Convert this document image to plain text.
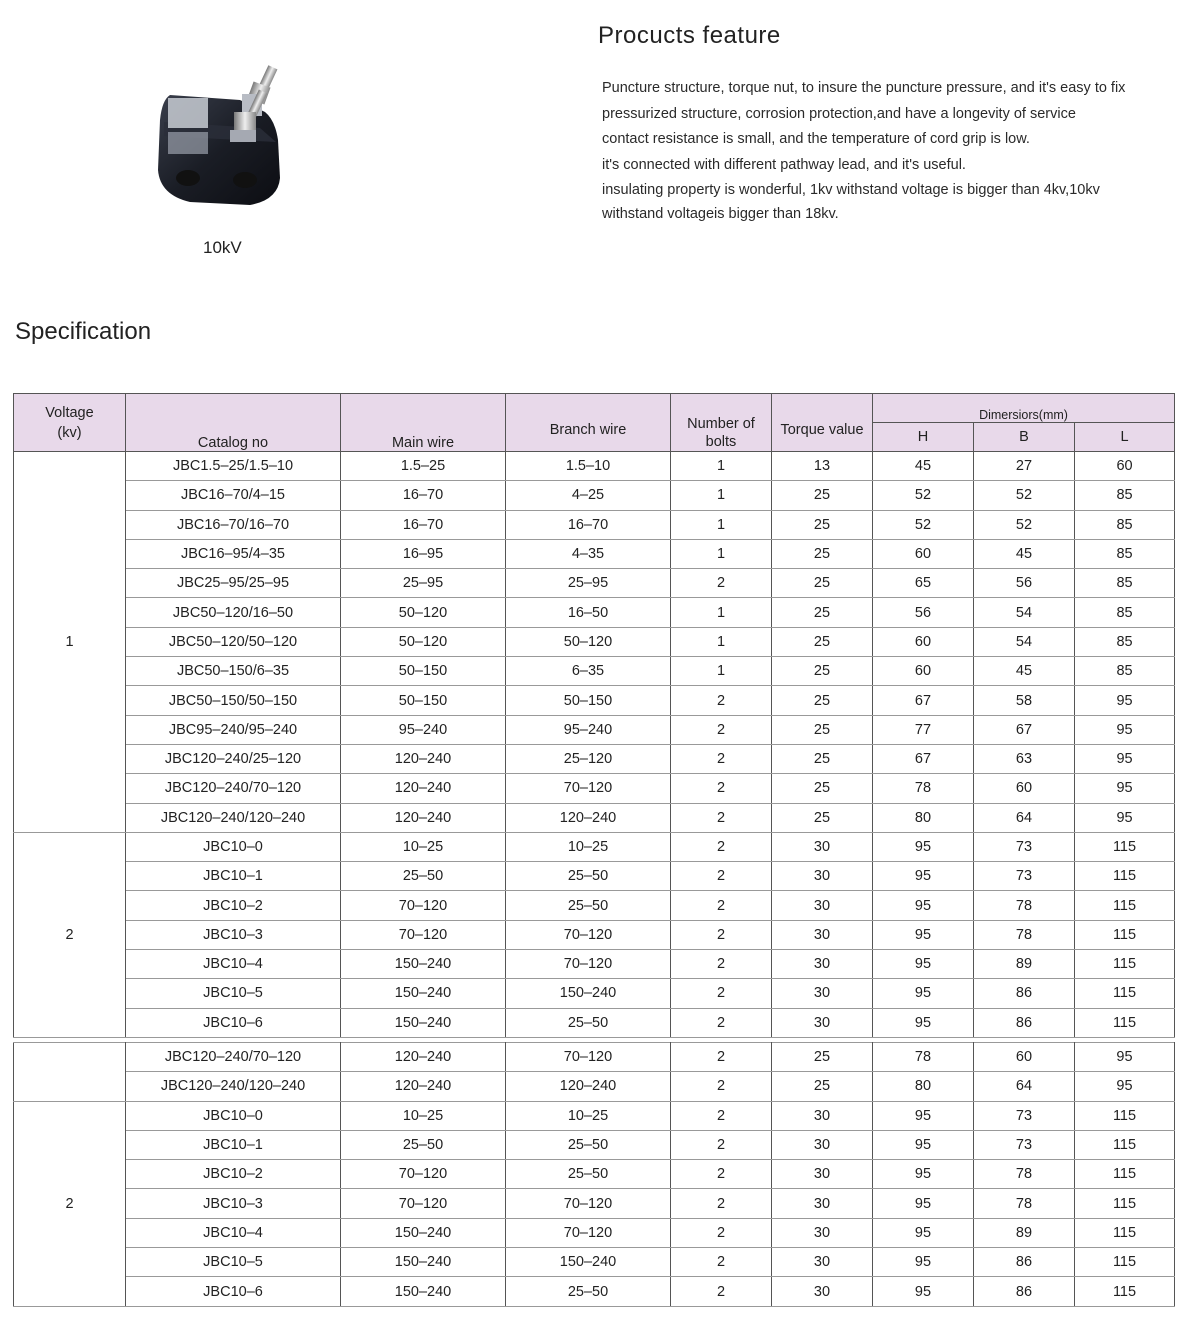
10kV
Procucts feature
Puncture structure, torque nut, to insure the puncture pressure, and it's easy to fix
pressurized structure, corrosion protection,and have a longevity of service
contact resistance is small, and the temperature of cord grip is low.
it's connected with different pathway lead, and it's useful.
insulating property is wonderful, 1kv withstand voltage is bigger than 4kv,10kv withstand voltageis bigger than 18kv.
Specification
Voltage (kv)	Catalog no	Main wire	Branch wire	Number of bolts	Torque value	Dimersiors(mm)		
						H	B	L
1	JBC1.5–25/1.5–10	1.5–25	1.5–10	1	13	45	27	60
	JBC16–70/4–15	16–70	4–25	1	25	52	52	85
	JBC16–70/16–70	16–70	16–70	1	25	52	52	85
	JBC16–95/4–35	16–95	4–35	1	25	60	45	85
	JBC25–95/25–95	25–95	25–95	2	25	65	56	85
	JBC50–120/16–50	50–120	16–50	1	25	56	54	85
	JBC50–120/50–120	50–120	50–120	1	25	60	54	85
	JBC50–150/6–35	50–150	6–35	1	25	60	45	85
	JBC50–150/50–150	50–150	50–150	2	25	67	58	95
	JBC95–240/95–240	95–240	95–240	2	25	77	67	95
	JBC120–240/25–120	120–240	25–120	2	25	67	63	95
	JBC120–240/70–120	120–240	70–120	2	25	78	60	95
	JBC120–240/120–240	120–240	120–240	2	25	80	64	95
2	JBC10–0	10–25	10–25	2	30	95	73	115
	JBC10–1	25–50	25–50	2	30	95	73	115
	JBC10–2	70–120	25–50	2	30	95	78	115
	JBC10–3	70–120	70–120	2	30	95	78	115
	JBC10–4	150–240	70–120	2	30	95	89	115
	JBC10–5	150–240	150–240	2	30	95	86	115
	JBC10–6	150–240	25–50	2	30	95	86	115
	JBC120–240/70–120	120–240	70–120	2	25	78	60	95
	JBC120–240/120–240	120–240	120–240	2	25	80	64	95
2	JBC10–0	10–25	10–25	2	30	95	73	115
	JBC10–1	25–50	25–50	2	30	95	73	115
	JBC10–2	70–120	25–50	2	30	95	78	115
	JBC10–3	70–120	70–120	2	30	95	78	115
	JBC10–4	150–240	70–120	2	30	95	89	115
	JBC10–5	150–240	150–240	2	30	95	86	115
	JBC10–6	150–240	25–50	2	30	95	86	115
